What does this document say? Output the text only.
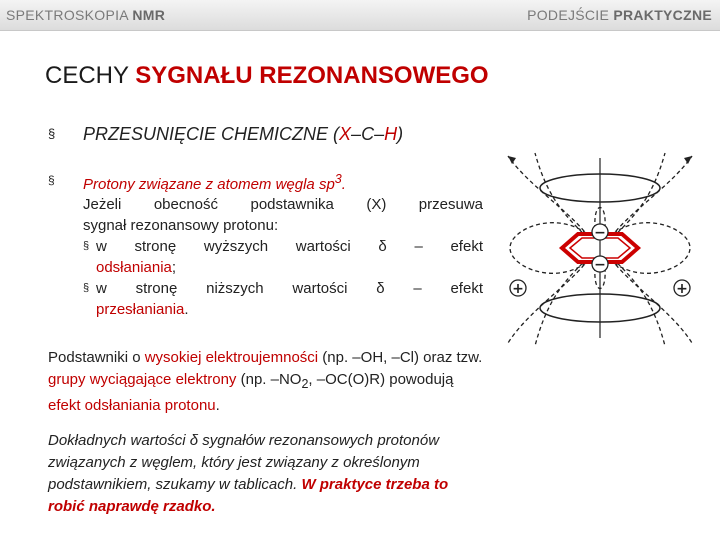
SPEKTROSKOPIA NMR	PODEJŚCIE PRAKTYCZNE
CECHY SYGNAŁU REZONANSOWEGO
§ PRZESUNIĘCIE CHEMICZNE (X–C–H)
§ Protony związane z atomem węgla $sp^3$.
Jeżeli obecność podstawnika (X) przesuwa
sygnał rezonansowy protonu:
§ w stronę wyższych wartości δ – efekt
odsłaniania;
§ w stronę niższych wartości δ – efekt
przesłaniania.
Podstawniki o wysokiej elektroujemności (np. –OH, –Cl) oraz tzw. grupy wyciągające elektrony (np. $-NO_2$, –OC(O)R) powodują efekt odsłaniania protonu.
Dokładnych wartości δ sygnałów rezonansowych protonów związanych z węglem, który jest związany z określonym podstawnikiem, szukamy w tablicach. W praktyce trzeba to robić naprawdę rzadko.
−
−
+	+
